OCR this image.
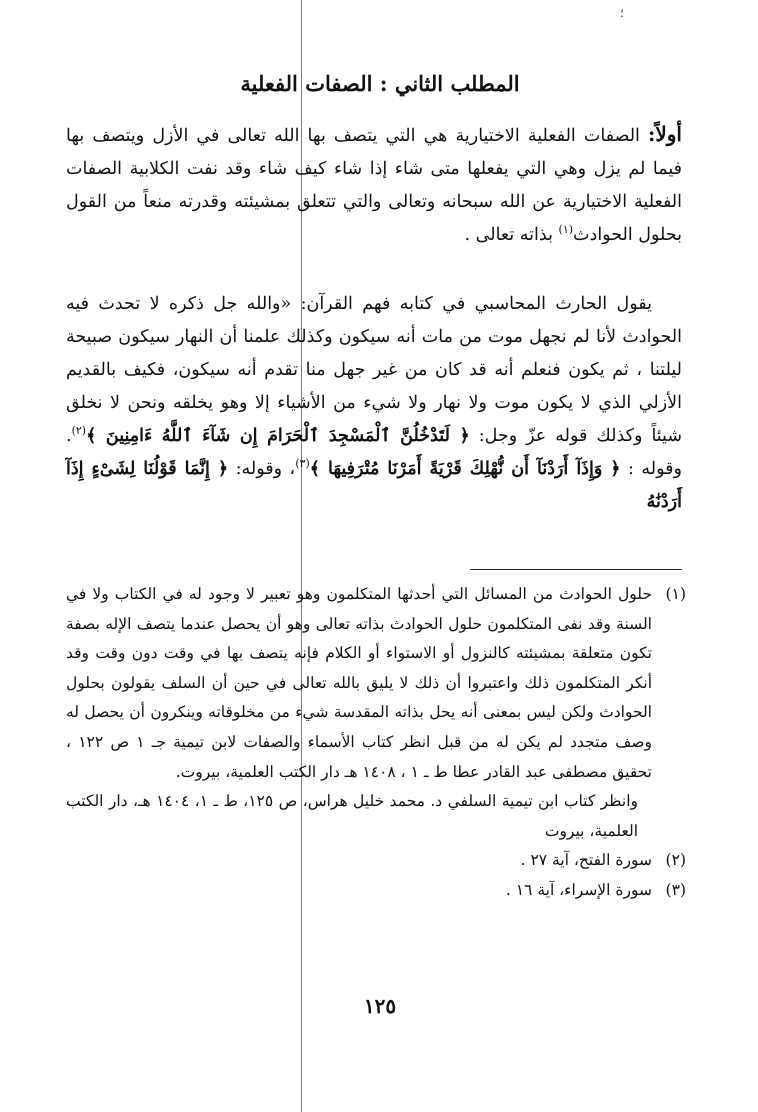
؛
المطلب الثاني : الصفات الفعلية

أولاً: الصفات الفعلية الاختيارية هي التي يتصف بها الله تعالى في الأزل ويتصف بها فيما لم يزل وهي التي يفعلها متى شاء إذا شاء كيف شاء وقد نفت الكلابية الصفات الفعلية الاختيارية عن الله سبحانه وتعالى والتي تتعلق بمشيئته وقدرته منعاً من القول بحلول الحوادث$^{(١)}$ بذاته تعالى .

يقول الحارث المحاسبي في كتابه فهم القرآن: «والله جل ذكره لا تحدث فيه الحوادث لأنا لم نجهل موت من مات أنه سيكون وكذلك علمنا أن النهار سيكون صبيحة ليلتنا ، ثم يكون فنعلم أنه قد كان من غير جهل منا تقدم أنه سيكون، فكيف بالقديم الأزلي الذي لا يكون موت ولا نهار ولا شيء من الأشياء إلا وهو يخلقه ونحن لا نخلق شيئاً وكذلك قوله عزّ وجل: ﴿ لَتَدْخُلُنَّ ٱلْمَسْجِدَ ٱلْحَرَامَ إِن شَآءَ ٱللَّهُ ءَامِنِينَ ﴾$^{(٢)}$. وقوله : ﴿ وَإِذَآ أَرَدْنَآ أَن نُّهْلِكَ قَرْيَةً أَمَرْنَا مُتْرَفِيهَا ﴾$^{(٣)}$، وقوله: ﴿ إِنَّمَا قَوْلُنَا لِشَىْءٍ إِذَآ أَرَدْنَٰهُ

(١)
حلول الحوادث من المسائل التي أحدثها المتكلمون وهو تعبير لا وجود له في الكتاب ولا في السنة وقد نفى المتكلمون حلول الحوادث بذاته تعالى وهو أن يحصل عندما يتصف الإله بصفة تكون متعلقة بمشيئته كالنزول أو الاستواء أو الكلام فإنه يتصف بها في وقت دون وقت وقد أنكر المتكلمون ذلك واعتبروا أن ذلك لا يليق بالله تعالى في حين أن السلف يقولون بحلول الحوادث ولكن ليس بمعنى أنه يحل بذاته المقدسة شيء من مخلوقاته وينكرون أن يحصل له وصف متجدد لم يكن له من قبل انظر كتاب الأسماء والصفات لابن تيمية جـ ١ ص ١٢٢ ، تحقيق مصطفى عبد القادر عطا ط ـ ١ ، ١٤٠٨ هـ دار الكتب العلمية، بيروت.

وانظر كتاب ابن تيمية السلفي د. محمد خليل هراس، ص ١٢٥، ط ـ ١، ١٤٠٤ هـ، دار الكتب العلمية، بيروت

(٢)
سورة الفتح، آية ٢٧ .

(٣)
سورة الإسراء، آية ١٦ .

١٢٥
